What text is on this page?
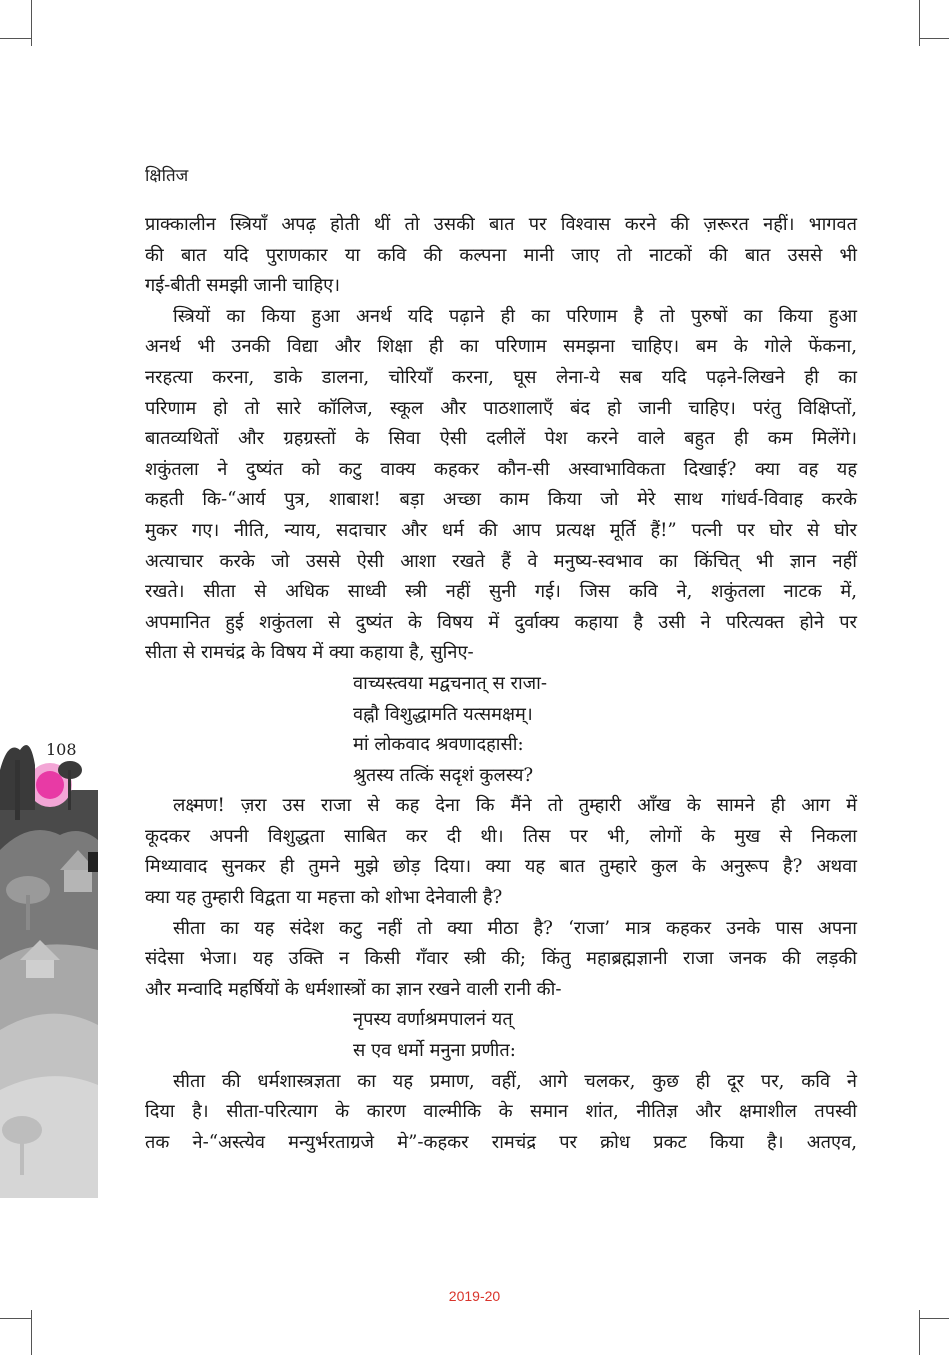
क्षितिज
108

प्राक्कालीन स्त्रियाँ अपढ़ होती थीं तो उसकी बात पर विश्वास करने की ज़रूरत नहीं। भागवत

की बात यदि पुराणकार या कवि की कल्पना मानी जाए तो नाटकों की बात उससे भी

गई-बीती समझी जानी चाहिए।

स्त्रियों का किया हुआ अनर्थ यदि पढ़ाने ही का परिणाम है तो पुरुषों का किया हुआ

अनर्थ भी उनकी विद्या और शिक्षा ही का परिणाम समझना चाहिए। बम के गोले फेंकना,

नरहत्या करना, डाके डालना, चोरियाँ करना, घूस लेना-ये सब यदि पढ़ने-लिखने ही का

परिणाम हो तो सारे कॉलिज, स्कूल और पाठशालाएँ बंद हो जानी चाहिए। परंतु विक्षिप्तों,

बातव्यथितों और ग्रहग्रस्तों के सिवा ऐसी दलीलें पेश करने वाले बहुत ही कम मिलेंगे।

शकुंतला ने दुष्यंत को कटु वाक्य कहकर कौन-सी अस्वाभाविकता दिखाई? क्या वह यह

कहती कि-“आर्य पुत्र, शाबाश! बड़ा अच्छा काम किया जो मेरे साथ गांधर्व-विवाह करके

मुकर गए। नीति, न्याय, सदाचार और धर्म की आप प्रत्यक्ष मूर्ति हैं!” पत्नी पर घोर से घोर

अत्याचार करके जो उससे ऐसी आशा रखते हैं वे मनुष्य-स्वभाव का किंचित् भी ज्ञान नहीं

रखते। सीता से अधिक साध्वी स्त्री नहीं सुनी गई। जिस कवि ने, शकुंतला नाटक में,

अपमानित हुई शकुंतला से दुष्यंत के विषय में दुर्वाक्य कहाया है उसी ने परित्यक्त होने पर

सीता से रामचंद्र के विषय में क्या कहाया है, सुनिए-

वाच्यस्त्वया मद्वचनात् स राजा-

वह्नौ विशुद्धामति यत्समक्षम्।

मां लोकवाद श्रवणादहासी:

श्रुतस्य तत्किं सदृशं कुलस्य?

लक्ष्मण! ज़रा उस राजा से कह देना कि मैंने तो तुम्हारी आँख के सामने ही आग में

कूदकर अपनी विशुद्धता साबित कर दी थी। तिस पर भी, लोगों के मुख से निकला

मिथ्यावाद सुनकर ही तुमने मुझे छोड़ दिया। क्या यह बात तुम्हारे कुल के अनुरूप है? अथवा

क्या यह तुम्हारी विद्वता या महत्ता को शोभा देनेवाली है?

सीता का यह संदेश कटु नहीं तो क्या मीठा है? ‘राजा’ मात्र कहकर उनके पास अपना

संदेसा भेजा। यह उक्ति न किसी गँवार स्त्री की; किंतु महाब्रह्मज्ञानी राजा जनक की लड़की

और मन्वादि महर्षियों के धर्मशास्त्रों का ज्ञान रखने वाली रानी की-

नृपस्य वर्णाश्रमपालनं यत्

स एव धर्मो मनुना प्रणीत:

सीता की धर्मशास्त्रज्ञता का यह प्रमाण, वहीं, आगे चलकर, कुछ ही दूर पर, कवि ने

दिया है। सीता-परित्याग के कारण वाल्मीकि के समान शांत, नीतिज्ञ और क्षमाशील तपस्वी

तक ने-“अस्त्येव मन्युर्भरताग्रजे मे”-कहकर रामचंद्र पर क्रोध प्रकट किया है। अतएव,

2019-20
